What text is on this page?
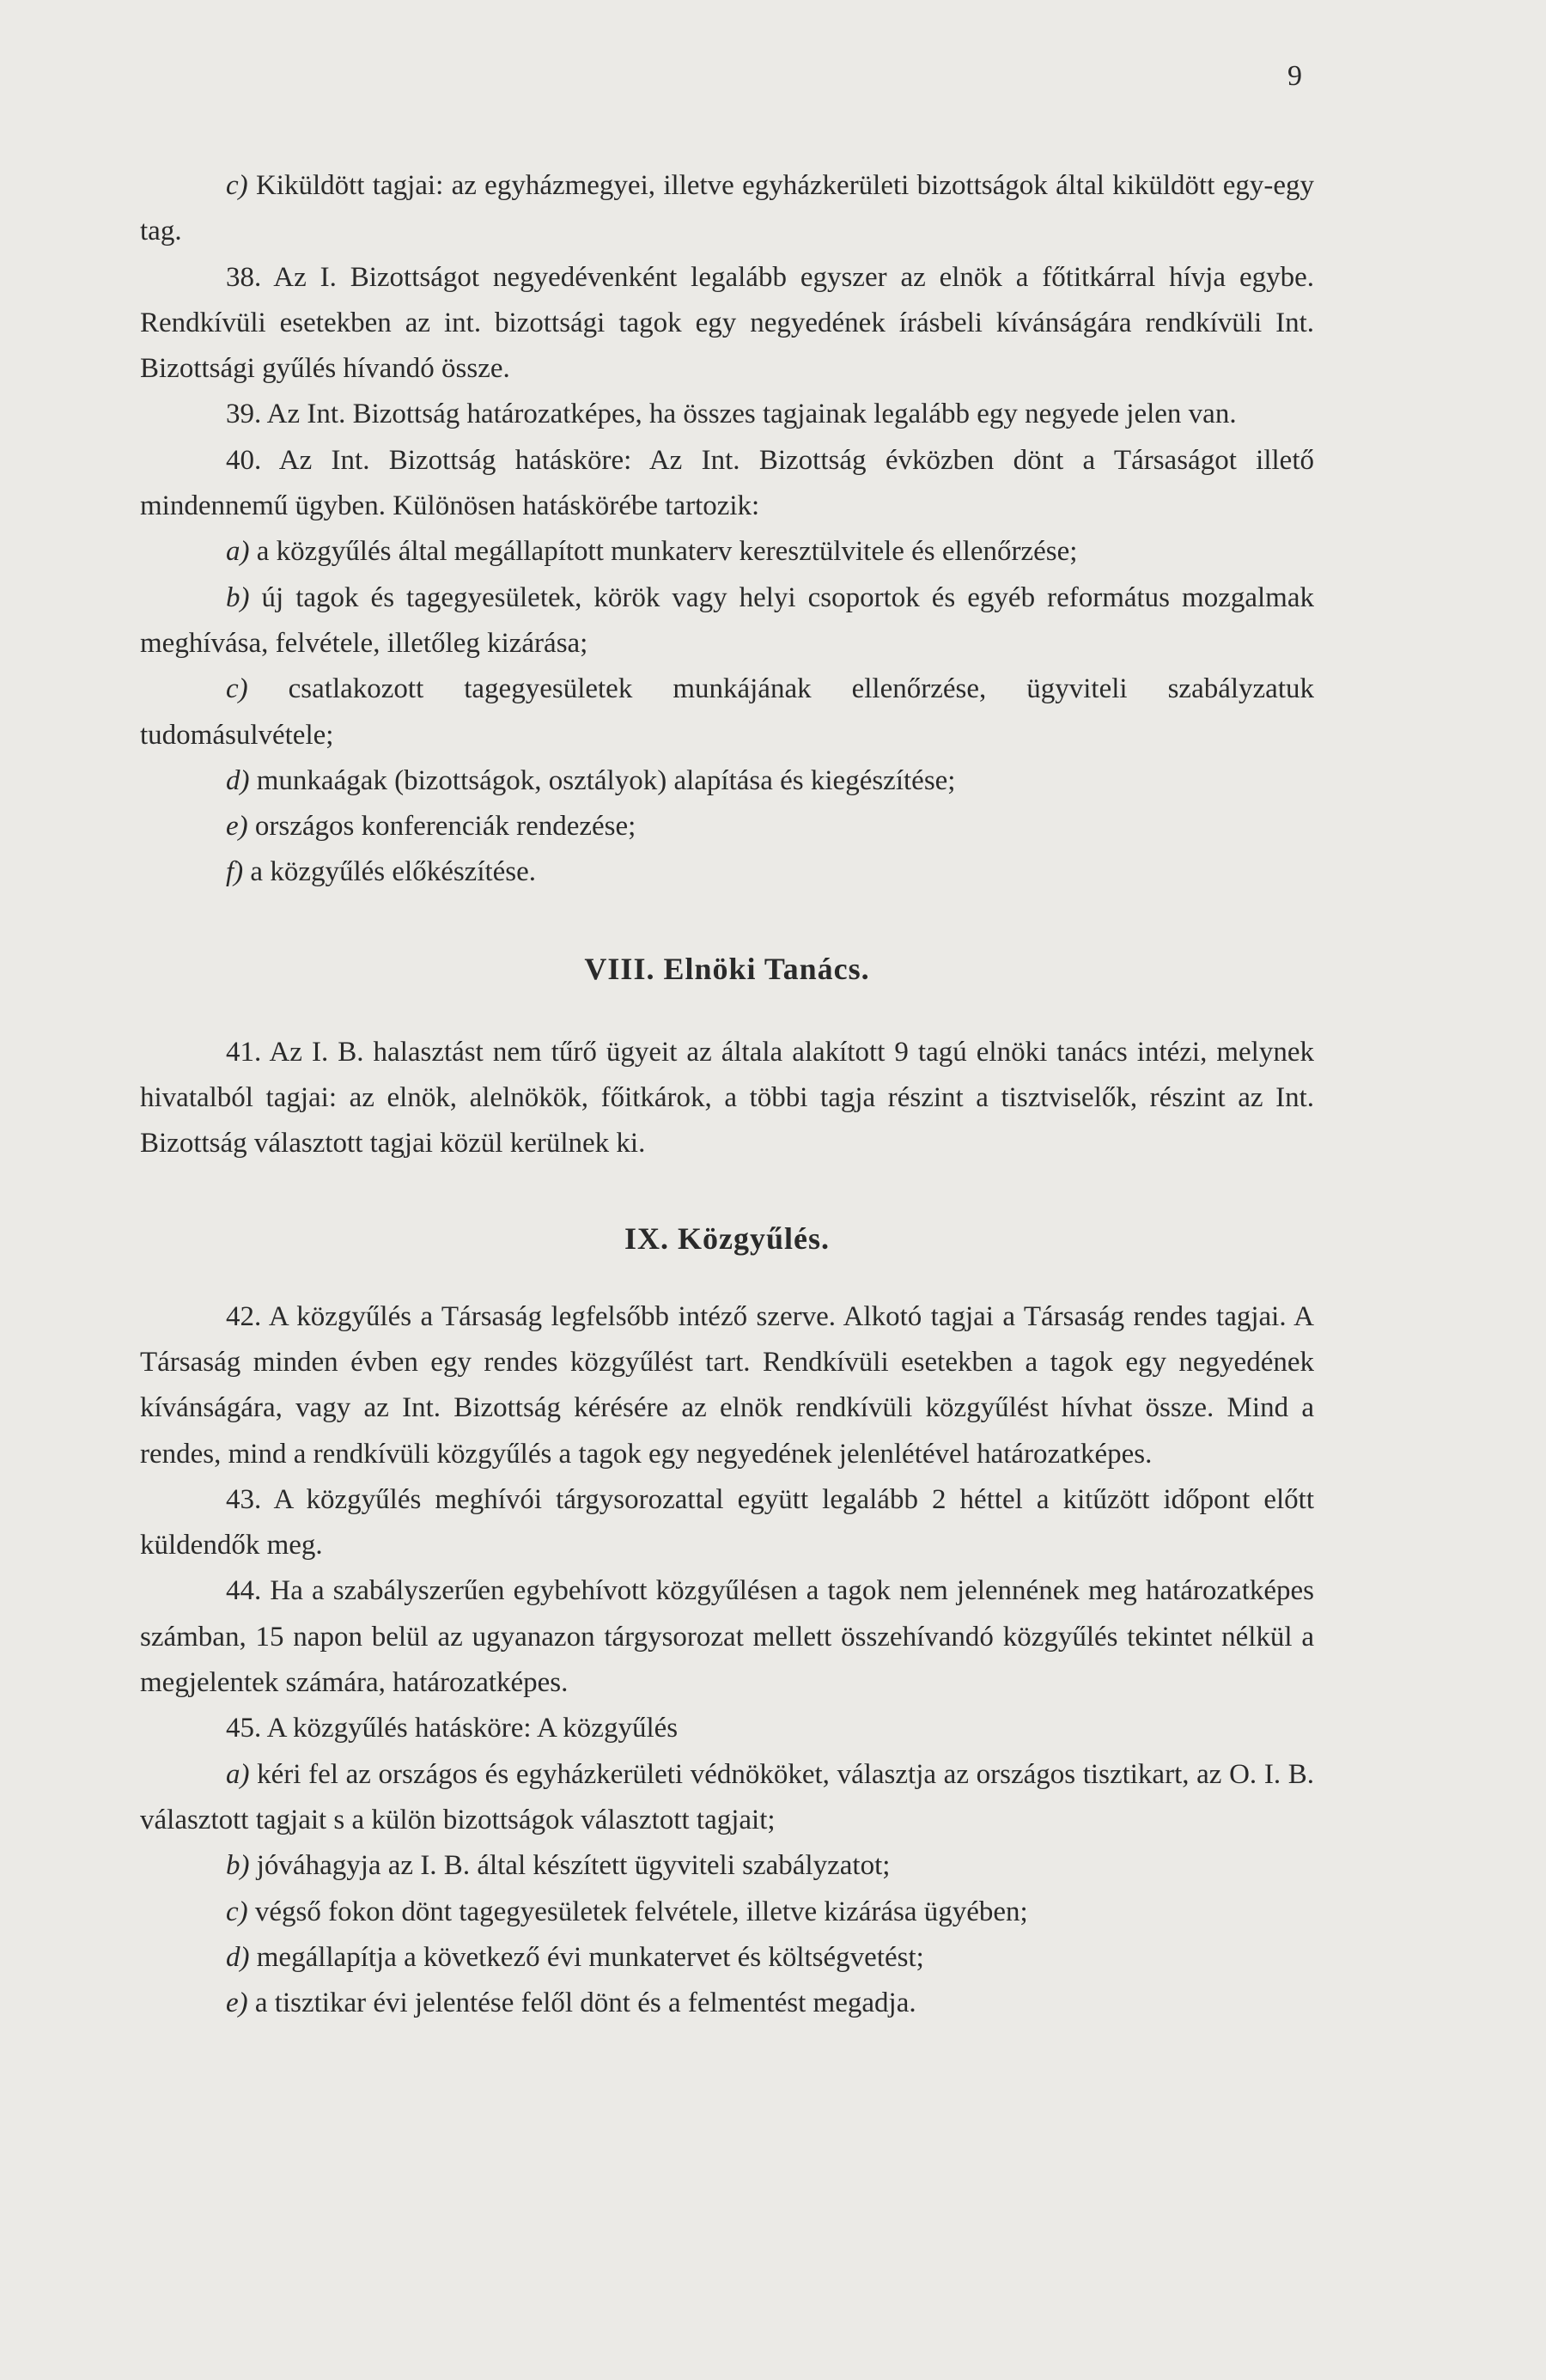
9

c) Kiküldött tagjai: az egyházmegyei, illetve egyházkerületi bizottságok által kiküldött egy-egy tag.

38. Az I. Bizottságot negyedévenként legalább egyszer az elnök a főtitkárral hívja egybe. Rendkívüli esetekben az int. bizottsági tagok egy negyedének írásbeli kívánságára rendkívüli Int. Bizottsági gyűlés hívandó össze.

39. Az Int. Bizottság határozatképes, ha összes tagjainak legalább egy negyede jelen van.

40. Az Int. Bizottság hatásköre: Az Int. Bizottság évközben dönt a Társaságot illető mindennemű ügyben. Különösen hatáskörébe tartozik:

a) a közgyűlés által megállapított munkaterv keresztülvitele és ellenőrzése;

b) új tagok és tagegyesületek, körök vagy helyi csoportok és egyéb református mozgalmak meghívása, felvétele, illetőleg kizárása;

c) csatlakozott tagegyesületek munkájának ellenőrzése, ügyviteli szabályzatuk tudomásulvétele;

d) munkaágak (bizottságok, osztályok) alapítása és kiegészítése;

e) országos konferenciák rendezése;

f) a közgyűlés előkészítése.

VIII. Elnöki Tanács.

41. Az I. B. halasztást nem tűrő ügyeit az általa alakított 9 tagú elnöki tanács intézi, melynek hivatalból tagjai: az elnök, alelnökök, főitkárok, a többi tagja részint a tisztviselők, részint az Int. Bizottság választott tagjai közül kerülnek ki.

IX. Közgyűlés.

42. A közgyűlés a Társaság legfelsőbb intéző szerve. Alkotó tagjai a Társaság rendes tagjai. A Társaság minden évben egy rendes közgyűlést tart. Rendkívüli esetekben a tagok egy negyedének kívánságára, vagy az Int. Bizottság kérésére az elnök rendkívüli közgyűlést hívhat össze. Mind a rendes, mind a rendkívüli közgyűlés a tagok egy negyedének jelenlétével határozatképes.

43. A közgyűlés meghívói tárgysorozattal együtt legalább 2 héttel a kitűzött időpont előtt küldendők meg.

44. Ha a szabályszerűen egybehívott közgyűlésen a tagok nem jelennének meg határozatképes számban, 15 napon belül az ugyanazon tárgysorozat mellett összehívandó közgyűlés tekintet nélkül a megjelentek számára, határozatképes.

45. A közgyűlés hatásköre: A közgyűlés

a) kéri fel az országos és egyházkerületi védnököket, választja az országos tisztikart, az O. I. B. választott tagjait s a külön bizottságok választott tagjait;

b) jóváhagyja az I. B. által készített ügyviteli szabályzatot;

c) végső fokon dönt tagegyesületek felvétele, illetve kizárása ügyében;

d) megállapítja a következő évi munkatervet és költségvetést;

e) a tisztikar évi jelentése felől dönt és a felmentést megadja.
